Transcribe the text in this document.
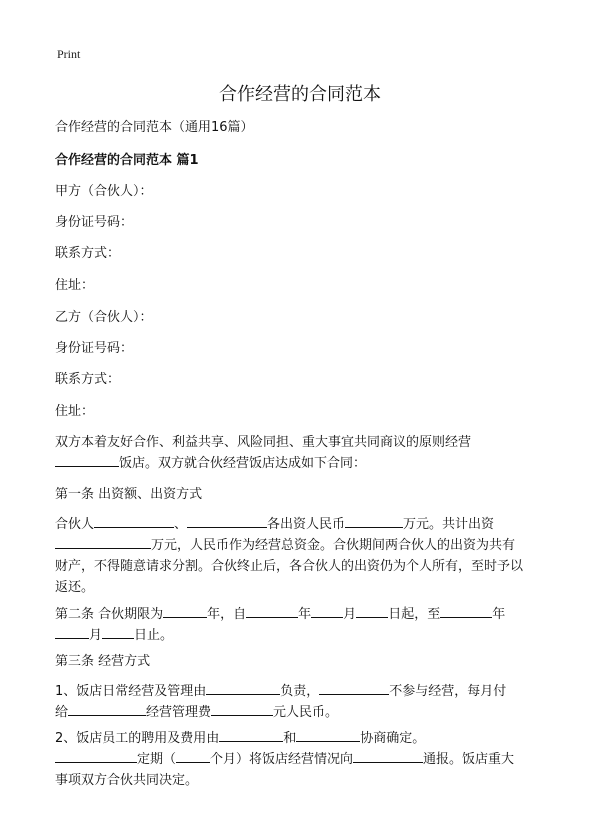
Print
合作经营的合同范本
合作经营的合同范本（通用16篇）
合作经营的合同范本 篇1
甲方（合伙人）：
身份证号码：
联系方式：
住址：
乙方（合伙人）：
身份证号码：
联系方式：
住址：
双方本着友好合作、利益共享、风险同担、重大事宜共同商议的原则经营
饭店。双方就合伙经营饭店达成如下合同：
第一条 出资额、出资方式
合伙人	、	各出资人民币	万元。共计出资
万元，人民币作为经营总资金。合伙期间两合伙人的出资为共有
财产，不得随意请求分割。合伙终止后，各合伙人的出资仍为个人所有，至时予以
返还。
第二条 合伙期限为	年，自	年 月 日起，至	年
月 日止。
第三条 经营方式
1、饭店日常经营及管理由	负责，	不参与经营，每月付
给	经营管理费	元人民币。
2、饭店员工的聘用及费用由	和	协商确定。
定期（	个月）将饭店经营情况向	通报。饭店重大
事项双方合伙共同决定。
